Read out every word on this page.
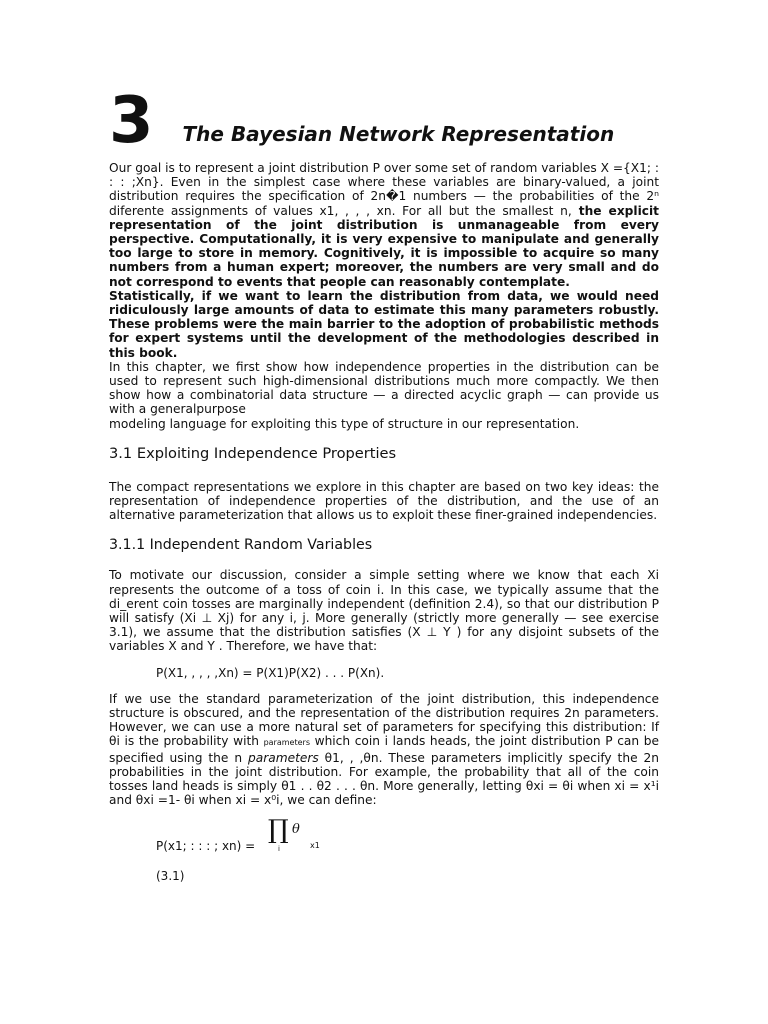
3 The Bayesian Network Representation

Our goal is to represent a joint distribution P over some set of random variables X ={X1; : : : ;Xn}. Even in the simplest case where these variables are binary-valued, a joint distribution requires the specification of 2n�1 numbers — the probabilities of the 2ⁿ diferente assignments of values x1, , , , xn. For all but the smallest n, the explicit representation of the joint distribution is unmanageable from every perspective. Computationally, it is very expensive to manipulate and generally too large to store in memory. Cognitively, it is impossible to acquire so many numbers from a human expert; moreover, the numbers are very small and do not correspond to events that people can reasonably contemplate.

Statistically, if we want to learn the distribution from data, we would need ridiculously large amounts of data to estimate this many parameters robustly. These problems were the main barrier to the adoption of probabilistic methods for expert systems until the development of the methodologies described in this book.

In this chapter, we first show how independence properties in the distribution can be used to represent such high-dimensional distributions much more compactly. We then show how a combinatorial data structure — a directed acyclic graph — can provide us with a generalpurpose

modeling language for exploiting this type of structure in our representation.

3.1 Exploiting Independence Properties

The compact representations we explore in this chapter are based on two key ideas: the representation of independence properties of the distribution, and the use of an alternative parameterization that allows us to exploit these finer-grained independencies.

3.1.1 Independent Random Variables

To motivate our discussion, consider a simple setting where we know that each Xi represents the outcome of a toss of coin i. In this case, we typically assume that the di_erent coin tosses are marginally independent (definition 2.4), so that our distribution P will satisfy (Xi ⊥ Xj) for any i, j. More generally (strictly more generally — see exercise 3.1), we assume that the distribution satisfies (X ⊥ Y ) for any disjoint subsets of the variables X and Y . Therefore, we have that:

P(X1, , , , ,Xn) = P(X1)P(X2) . . . P(Xn).

If we use the standard parameterization of the joint distribution, this independence structure is obscured, and the representation of the distribution requires 2n parameters. However, we can use a more natural set of parameters for specifying this distribution: If θi is the probability with parameters which coin i lands heads, the joint distribution P can be specified using the n parameters θ1, , ,θn. These parameters implicitly specify the 2n probabilities in the joint distribution. For example, the probability that all of the coin tosses land heads is simply θ1 . . θ2 . . . θn. More generally, letting θxi = θi when xi = x¹i and θxi =1- θi when xi = x⁰i, we can define:

P(x1; : : : ; xn) =
∏ θ
i	x1
(3.1)
